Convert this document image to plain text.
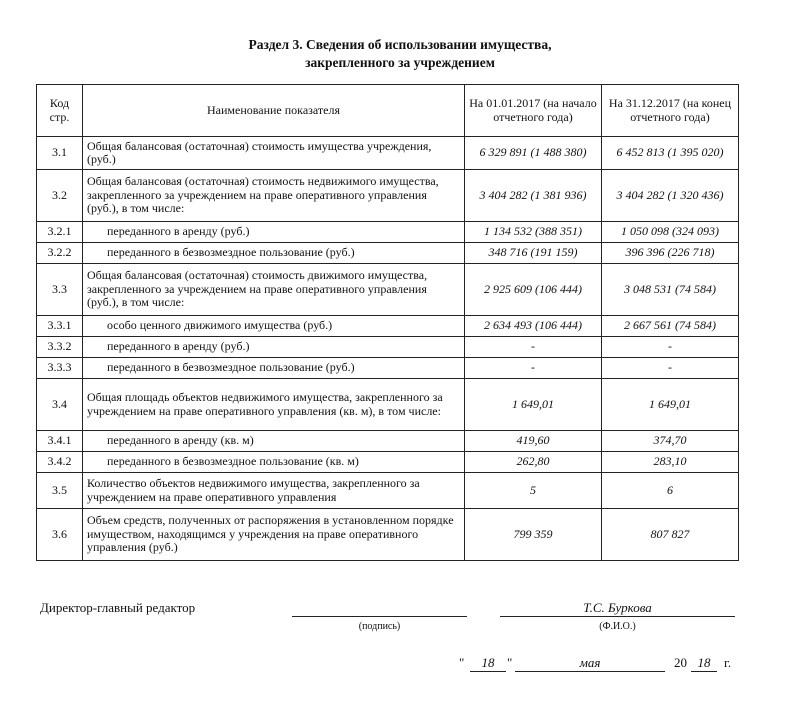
Раздел 3. Сведения об использовании имущества,
закрепленного за учреждением
Код стр.	Наименование показателя	На 01.01.2017 (на начало отчетного года)	На 31.12.2017 (на конец отчетного года)
3.1	Общая балансовая (остаточная) стоимость имущества учреждения, (руб.)	6 329 891 (1 488 380)	6 452 813 (1 395 020)
3.2	Общая балансовая (остаточная) стоимость недвижимого имущества, закрепленного за учреждением на праве оперативного управления (руб.), в том числе:	3 404 282 (1 381 936)	3 404 282 (1 320 436)
3.2.1	переданного в аренду (руб.)	1 134 532 (388 351)	1 050 098 (324 093)
3.2.2	переданного в безвозмездное пользование (руб.)	348 716 (191 159)	396 396 (226 718)
3.3	Общая балансовая (остаточная) стоимость движимого имущества, закрепленного за учреждением на праве оперативного управления (руб.), в том числе:	2 925 609 (106 444)	3 048 531 (74 584)
3.3.1	особо ценного движимого имущества (руб.)	2 634 493 (106 444)	2 667 561 (74 584)
3.3.2	переданного в аренду (руб.)	-	-
3.3.3	переданного в безвозмездное пользование (руб.)	-	-
3.4	Общая площадь объектов недвижимого имущества, закрепленного за учреждением на праве оперативного управления (кв. м), в том числе:	1 649,01	1 649,01
3.4.1	переданного в аренду (кв. м)	419,60	374,70
3.4.2	переданного в безвозмездное пользование (кв. м)	262,80	283,10
3.5	Количество объектов недвижимого имущества, закрепленного за учреждением на праве оперативного управления	5	6
3.6	Объем средств, полученных от распоряжения в установленном порядке имуществом, находящимся у учреждения на праве оперативного управления (руб.)	799 359	807 827
Директор-главный редактор
(подпись)
Т.С. Буркова
(Ф.И.О.)
"	18 "	мая	20 18	г.
